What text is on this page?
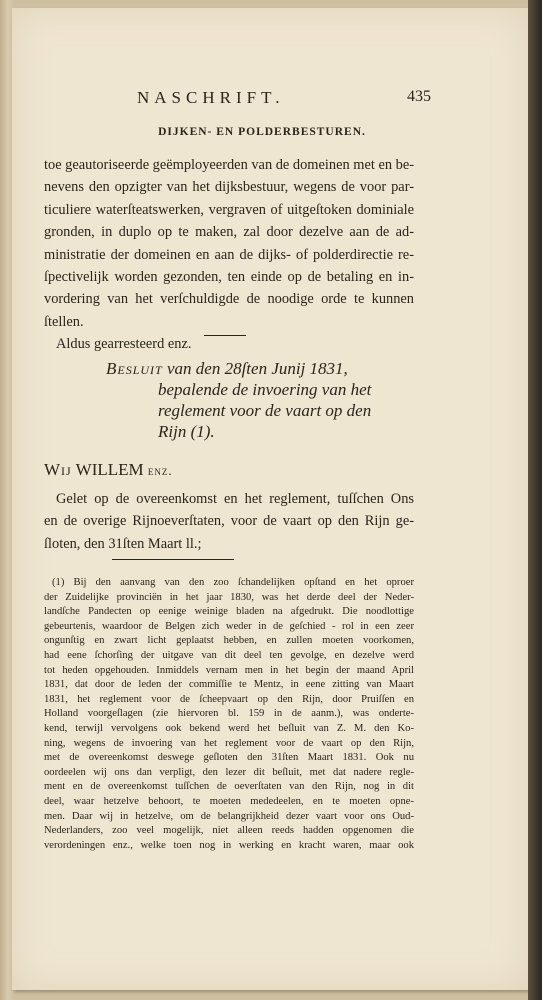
NASCHRIFT.	435
DIJKEN- EN POLDERBESTUREN.
toe geautoriseerde geëmployeerden van de domeinen met en be-
nevens den opzigter van het dijksbestuur, wegens de voor par-
ticuliere waterſteatswerken, vergraven of uitgeſtoken dominiale
gronden, in duplo op te maken, zal door dezelve aan de ad-
ministratie der domeinen en aan de dijks- of polderdirectie re-
ſpectivelijk worden gezonden, ten einde op de betaling en in-
vordering van het verſchuldigde de noodige orde te kunnen
ſtellen.
Aldus gearresteerd enz.
Besluit van den 28ſten Junij 1831,
bepalende de invoering van het
reglement voor de vaart op den
Rijn (1).
Wij WILLEM enz.
Gelet op de overeenkomst en het reglement, tuſſchen Ons
en de overige Rijnoeverſtaten, voor de vaart op den Rijn ge-
ſloten, den 31ſten Maart ll.;
(1) Bij den aanvang van den zoo ſchandelijken opſtand en het oproer
der Zuidelijke provinciën in het jaar 1830, was het derde deel der Neder-
landſche Pandecten op eenige weinige bladen na afgedrukt. Die noodlottige
gebeurtenis, waardoor de Belgen zich weder in de geſchied - rol in een zeer
ongunſtig en zwart licht geplaatst hebben, en zullen moeten voorkomen,
had eene ſchorſing der uitgave van dit deel ten gevolge, en dezelve werd
tot heden opgehouden. Inmiddels vernam men in het begin der maand April
1831, dat door de leden der commiſſie te Mentz, in eene zitting van Maart
1831, het reglement voor de ſcheepvaart op den Rijn, door Pruiſſen en
Holland voorgeſlagen (zie hiervoren bl. 159 in de aanm.), was onderte-
kend, terwijl vervolgens ook bekend werd het beſluit van Z. M. den Ko-
ning, wegens de invoering van het reglement voor de vaart op den Rijn,
met de overeenkomst deswege geſloten den 31ſten Maart 1831. Ook nu
oordeelen wij ons dan verpligt, den lezer dit beſluit, met dat nadere regle-
ment en de overeenkomst tuſſchen de oeverſtaten van den Rijn, nog in dit
deel, waar hetzelve behoort, te moeten mededeelen, en te moeten opne-
men. Daar wij in hetzelve, om de belangrijkheid dezer vaart voor ons Oud-
Nederlanders, zoo veel mogelijk, niet alleen reeds hadden opgenomen die
verordeningen enz., welke toen nog in werking en kracht waren, maar ook
